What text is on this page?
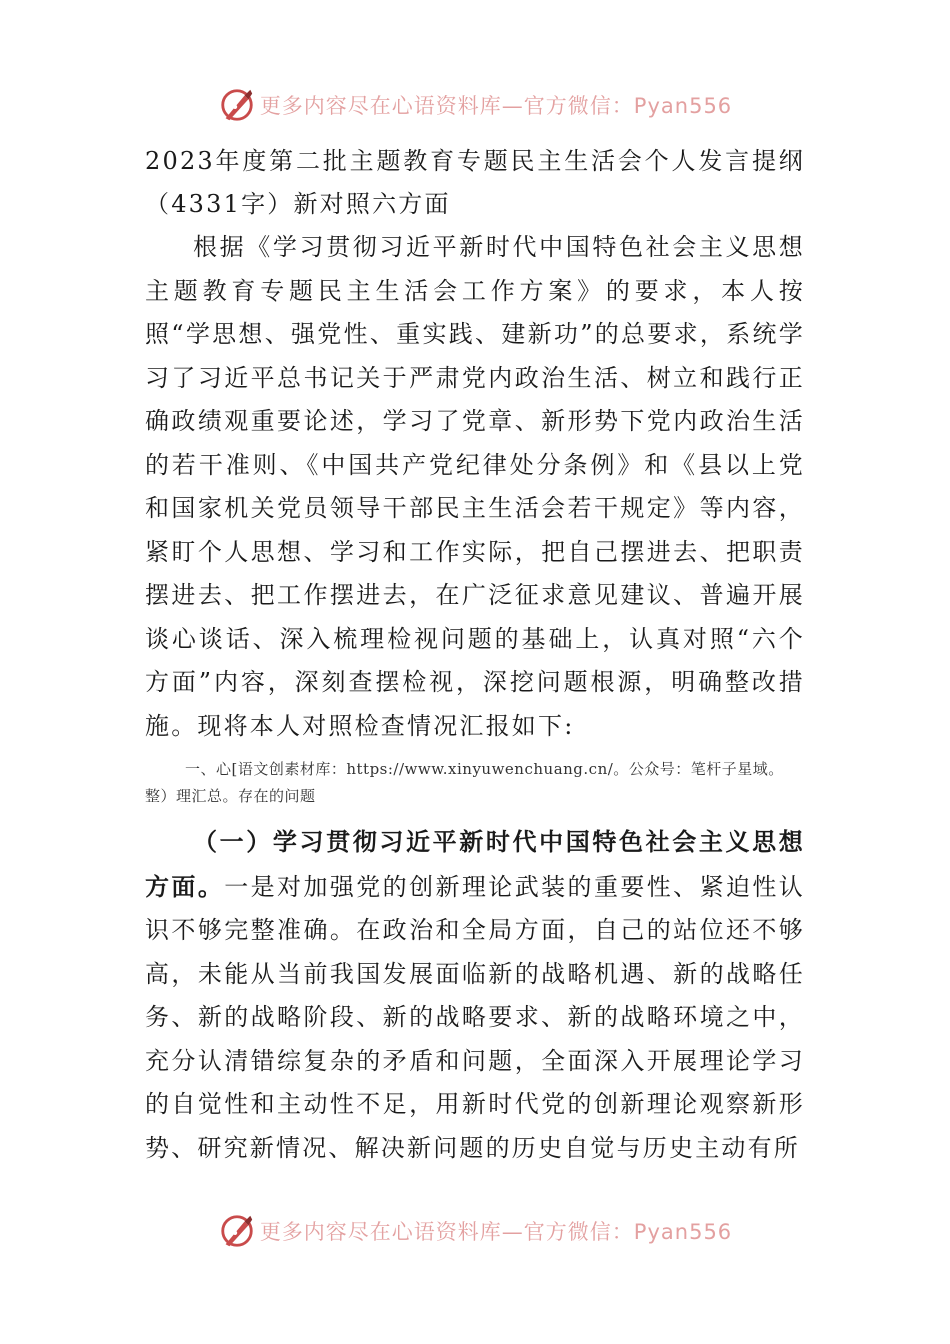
更多内容尽在心语资料库—官方微信：Pyan556
2023年度第二批主题教育专题民主生活会个人发言提纲（4331字）新对照六方面

根据《学习贯彻习近平新时代中国特色社会主义思想主题教育专题民主生活会工作方案》的要求，本人按照“学思想、强党性、重实践、建新功”的总要求，系统学习了习近平总书记关于严肃党内政治生活、树立和践行正确政绩观重要论述，学习了党章、新形势下党内政治生活的若干准则、《中国共产党纪律处分条例》和《县以上党和国家机关党员领导干部民主生活会若干规定》等内容，紧盯个人思想、学习和工作实际，把自己摆进去、把职责摆进去、把工作摆进去，在广泛征求意见建议、普遍开展谈心谈话、深入梳理检视问题的基础上，认真对照“六个方面”内容，深刻查摆检视，深挖问题根源，明确整改措施。现将本人对照检查情况汇报如下:

一、心[语文创素材库：https://www.xinyuwenchuang.cn/。公众号：笔杆子星域。整）理汇总。存在的问题

（一）学习贯彻习近平新时代中国特色社会主义思想方面。一是对加强党的创新理论武装的重要性、紧迫性认识不够完整准确。在政治和全局方面，自己的站位还不够高，未能从当前我国发展面临新的战略机遇、新的战略任务、新的战略阶段、新的战略要求、新的战略环境之中，充分认清错综复杂的矛盾和问题，全面深入开展理论学习的自觉性和主动性不足，用新时代党的创新理论观察新形势、研究新情况、解决新问题的历史自觉与历史主动有所

更多内容尽在心语资料库—官方微信：Pyan556
